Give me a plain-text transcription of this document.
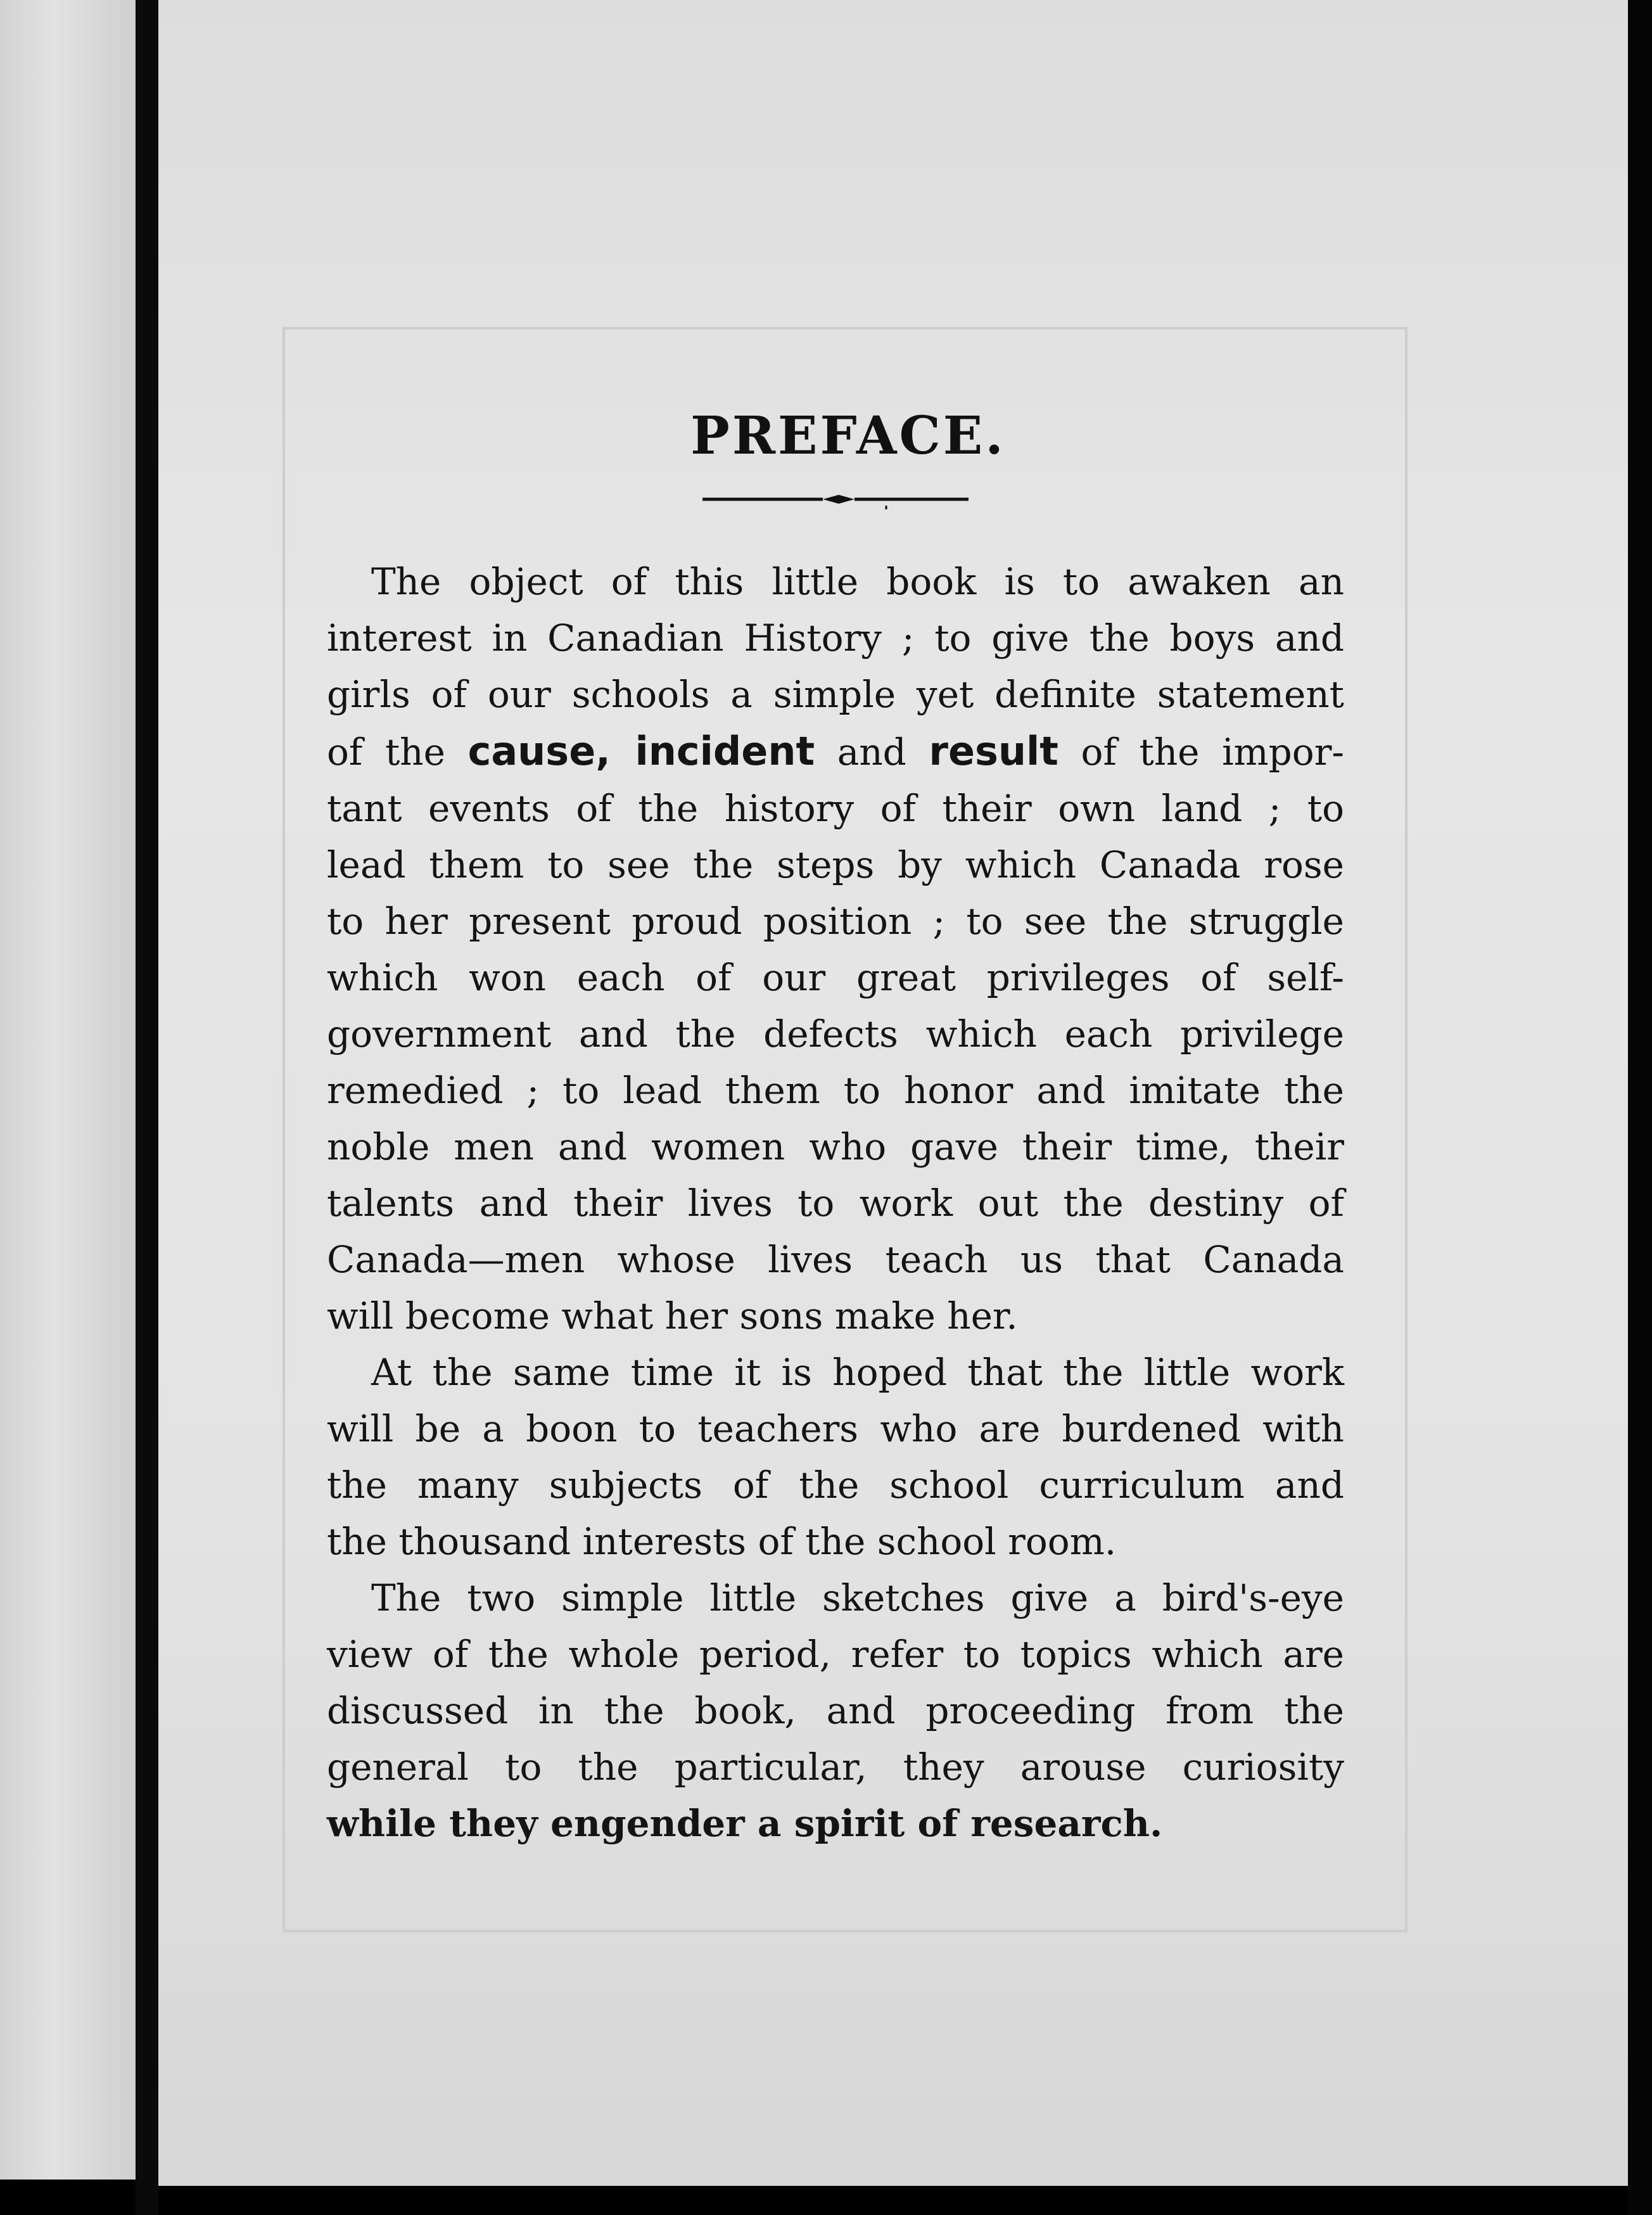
PREFACE.
The object of this little book is to awaken an
interest in Canadian History ; to give the boys and
girls of our schools a simple yet definite statement
of the cause, incident and result of the impor-
tant events of the history of their own land ; to
lead them to see the steps by which Canada rose
to her present proud position ; to see the struggle
which won each of our great privileges of self-
government and the defects which each privilege
remedied ; to lead them to honor and imitate the
noble men and women who gave their time, their
talents and their lives to work out the destiny of
Canada—men whose lives teach us that Canada
will become what her sons make her.
At the same time it is hoped that the little work
will be a boon to teachers who are burdened with
the many subjects of the school curriculum and
the thousand interests of the school room.
The two simple little sketches give a bird's-eye
view of the whole period, refer to topics which are
discussed in the book, and proceeding from the
general to the particular, they arouse curiosity
while they engender a spirit of research.
